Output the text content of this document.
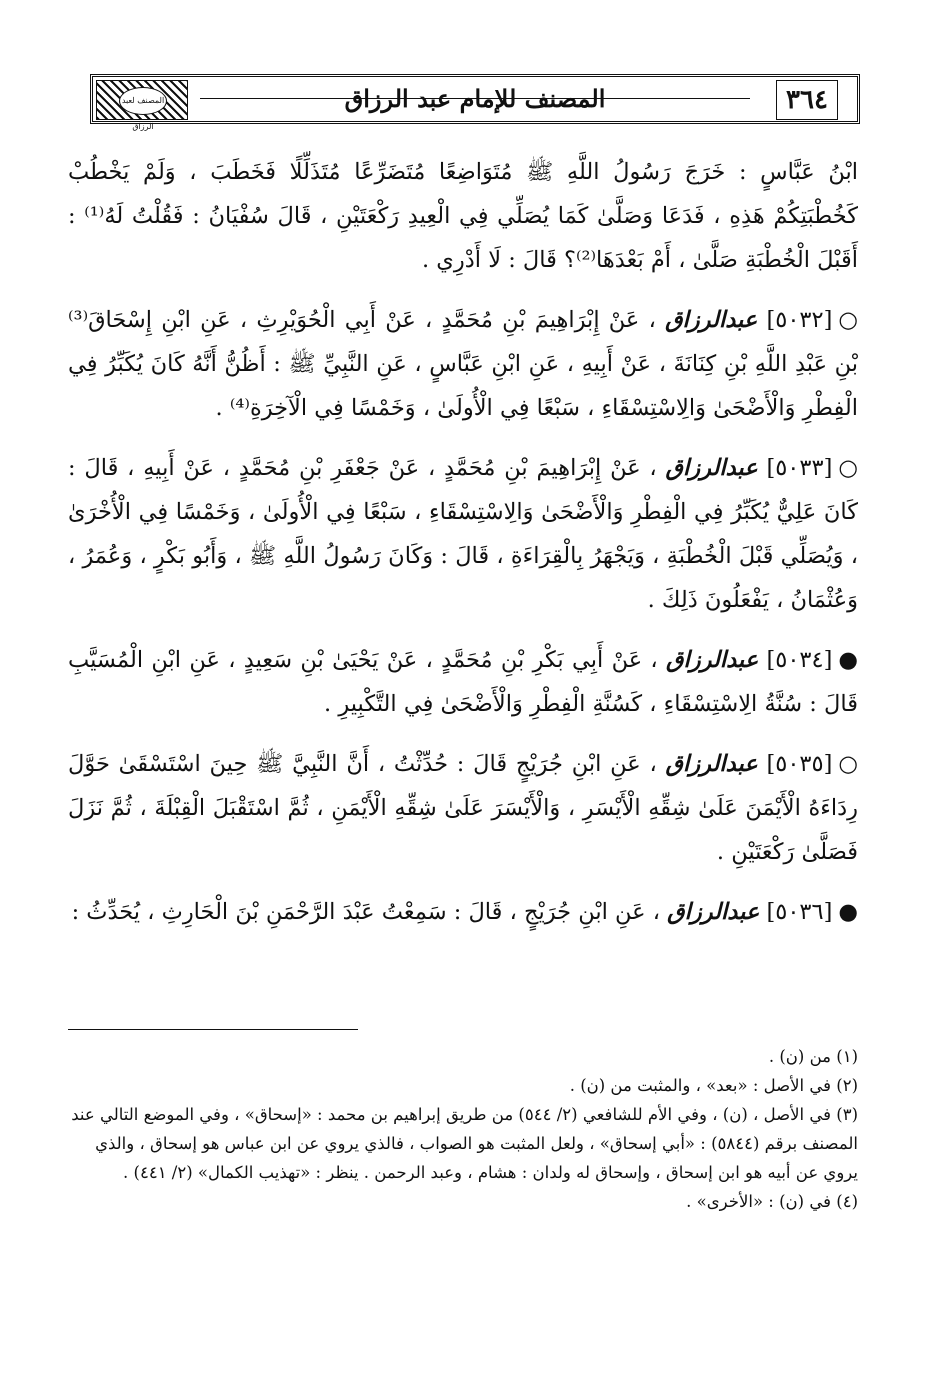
المصنف لعبد الرزاق
المصنف للإمام عبد الرزاق	٣٦٤

ابْنُ عَبَّاسٍ : خَرَجَ رَسُولُ اللَّهِ ﷺ مُتَوَاضِعًا مُتَضَرِّعًا مُتَذَلِّلًا فَخَطَبَ ، وَلَمْ يَخْطُبْ كَخُطْبَتِكُمْ هَذِهِ ، فَدَعَا وَصَلَّىٰ كَمَا يُصَلِّي فِي الْعِيدِ رَكْعَتَيْنِ ، قَالَ سُفْيَانُ : فَقُلْتُ لَهُ⁽¹⁾ : أَقَبْلَ الْخُطْبَةِ صَلَّىٰ ، أَمْ بَعْدَهَا⁽²⁾؟ قَالَ : لَا أَدْرِي .

○[٥٠٣٢] عبدالرزاق ، عَنْ إِبْرَاهِيمَ بْنِ مُحَمَّدٍ ، عَنْ أَبِي الْحُوَيْرِثِ ، عَنِ ابْنِ إِسْحَاقَ⁽³⁾ بْنِ عَبْدِ اللَّهِ بْنِ كِنَانَةَ ، عَنْ أَبِيهِ ، عَنِ ابْنِ عَبَّاسٍ ، عَنِ النَّبِيِّ ﷺ : أَظُنُّ أَنَّهُ كَانَ يُكَبِّرُ فِي الْفِطْرِ وَالْأَضْحَىٰ وَالِاسْتِسْقَاءِ ، سَبْعًا فِي الْأُولَىٰ ، وَخَمْسًا فِي الْآخِرَةِ⁽⁴⁾ .

○[٥٠٣٣] عبدالرزاق ، عَنْ إِبْرَاهِيمَ بْنِ مُحَمَّدٍ ، عَنْ جَعْفَرِ بْنِ مُحَمَّدٍ ، عَنْ أَبِيهِ ، قَالَ : كَانَ عَلِيٌّ يُكَبِّرُ فِي الْفِطْرِ وَالْأَضْحَىٰ وَالِاسْتِسْقَاءِ ، سَبْعًا فِي الْأُولَىٰ ، وَخَمْسًا فِي الْأُخْرَىٰ ، وَيُصَلِّي قَبْلَ الْخُطْبَةِ ، وَيَجْهَرُ بِالْقِرَاءَةِ ، قَالَ : وَكَانَ رَسُولُ اللَّهِ ﷺ ، وَأَبُو بَكْرٍ ، وَعُمَرُ ، وَعُثْمَانُ ، يَفْعَلُونَ ذَلِكَ .

●[٥٠٣٤] عبدالرزاق ، عَنْ أَبِي بَكْرِ بْنِ مُحَمَّدٍ ، عَنْ يَحْيَىٰ بْنِ سَعِيدٍ ، عَنِ ابْنِ الْمُسَيَّبِ قَالَ : سُنَّةُ الِاسْتِسْقَاءِ ، كَسُنَّةِ الْفِطْرِ وَالْأَضْحَىٰ فِي التَّكْبِيرِ .

○[٥٠٣٥] عبدالرزاق ، عَنِ ابْنِ جُرَيْجٍ قَالَ : حُدِّثْتُ ، أَنَّ النَّبِيَّ ﷺ حِينَ اسْتَسْقَىٰ حَوَّلَ رِدَاءَهُ الْأَيْمَنَ عَلَىٰ شِقِّهِ الْأَيْسَرِ ، وَالْأَيْسَرَ عَلَىٰ شِقِّهِ الْأَيْمَنِ ، ثُمَّ اسْتَقْبَلَ الْقِبْلَةَ ، ثُمَّ نَزَلَ فَصَلَّىٰ رَكْعَتَيْنِ .

●[٥٠٣٦] عبدالرزاق ، عَنِ ابْنِ جُرَيْجٍ ، قَالَ : سَمِعْتُ عَبْدَ الرَّحْمَنِ بْنَ الْحَارِثِ ، يُحَدِّثُ :

(١) من (ن) .

(٢) في الأصل : «بعد» ، والمثبت من (ن) .

(٣) في الأصل ، (ن) ، وفي الأم للشافعي (٢/ ٥٤٤) من طريق إبراهيم بن محمد : «إسحاق» ، وفي الموضع التالي عند المصنف برقم (٥٨٤٤) : «أبي إسحاق» ، ولعل المثبت هو الصواب ، فالذي يروي عن ابن عباس هو إسحاق ، والذي يروي عن أبيه هو ابن إسحاق ، وإسحاق له ولدان : هشام ، وعبد الرحمن . ينظر : «تهذيب الكمال» (٢/ ٤٤١) .

(٤) في (ن) : «الأخرى» .
